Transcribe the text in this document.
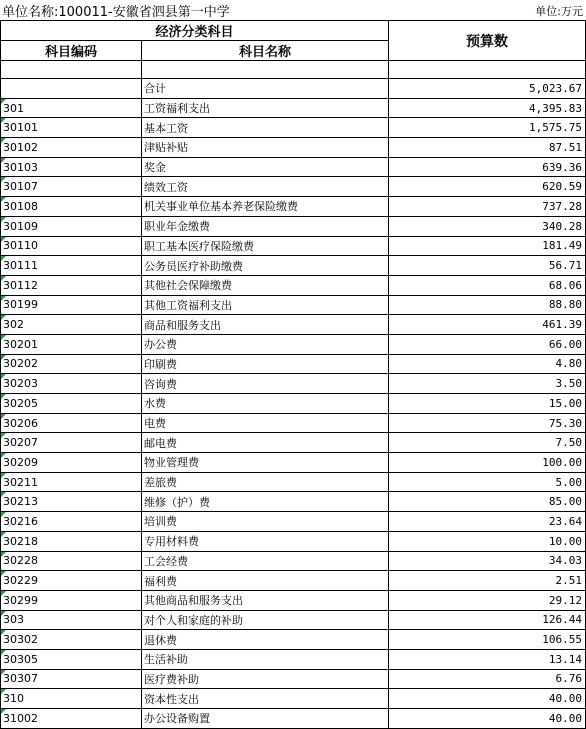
单位名称:100011-安徽省泗县第一中学	单位:万元
经济分类科目		预算数
科目编码	科目名称	

	合计	5,023.67
301	工资福利支出	4,395.83
30101	基本工资	1,575.75
30102	津贴补贴	87.51
30103	奖金	639.36
30107	绩效工资	620.59
30108	机关事业单位基本养老保险缴费	737.28
30109	职业年金缴费	340.28
30110	职工基本医疗保险缴费	181.49
30111	公务员医疗补助缴费	56.71
30112	其他社会保障缴费	68.06
30199	其他工资福利支出	88.80
302	商品和服务支出	461.39
30201	办公费	66.00
30202	印刷费	4.80
30203	咨询费	3.50
30205	水费	15.00
30206	电费	75.30
30207	邮电费	7.50
30209	物业管理费	100.00
30211	差旅费	5.00
30213	维修（护）费	85.00
30216	培训费	23.64
30218	专用材料费	10.00
30228	工会经费	34.03
30229	福利费	2.51
30299	其他商品和服务支出	29.12
303	对个人和家庭的补助	126.44
30302	退休费	106.55
30305	生活补助	13.14
30307	医疗费补助	6.76
310	资本性支出	40.00
31002	办公设备购置	40.00
